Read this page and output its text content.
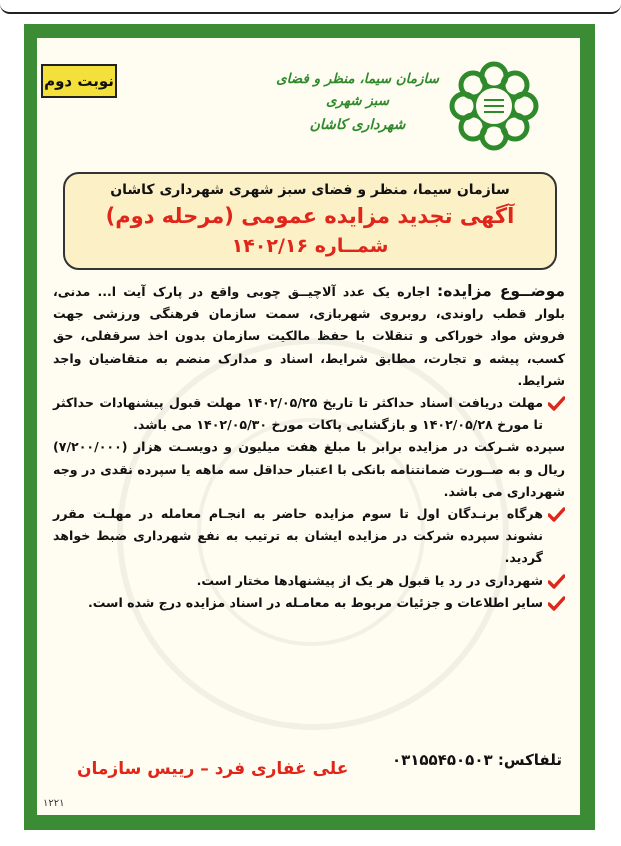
نوبت دوم	سازمان سیما، منظر و فضای سبز شهری
شهرداری کاشان
سازمان سیما، منظر و فضای سبز شهری شهرداری کاشان
آگهی تجدید مزایده عمومی (مرحله دوم)
شمــاره ۱۴۰۲/۱۶

موضــوع مزایده: اجاره یک عدد آلاچیــق چوبی واقع در پارک آیت ا... مدنی، بلوار قطب راوندی، روبروی شهربازی، سمت سازمان فرهنگی ورزشی جهت فروش مواد خوراکی و تنقلات با حفظ مالکیت سازمان بدون اخذ سرقفلی، حق کسب، پیشه و تجارت، مطابق شرایط، اسناد و مدارک منضم به متقاضیان واجد شرایط.

مهلت دریافت اسناد حداکثر تا تاریخ ۱۴۰۲/۰۵/۲۵ مهلت قبول پیشنهادات حداکثر تا مورخ ۱۴۰۲/۰۵/۲۸ و بازگشایی پاکات مورخ ۱۴۰۲/۰۵/۳۰ می باشد.

سپرده شـرکت در مزایده برابر با مبلغ هفت میلیون و دویسـت هزار (۷/۲۰۰/۰۰۰) ریال و به صــورت ضمانتنامه بانکی با اعتبار حداقل سه ماهه یا سپرده نقدی در وجه شهرداری می باشد.

هرگاه برنـدگان اول تا سوم مزایده حاضر به انجـام معامله در مهلـت مقرر نشوند سپرده شرکت در مزایده ایشان به ترتیب به نفع شهرداری ضبط خواهد گردید.
شهرداری در رد یا قبول هر یک از پیشنهادها مختار است.
سایر اطلاعات و جزئیات مربوط به معامـله در اسناد مزایده درج شده است.
تلفاکس: ۰۳۱۵۵۴۵۰۵۰۳
علی غفاری فرد – رییس سازمان
۱۲۲۱
